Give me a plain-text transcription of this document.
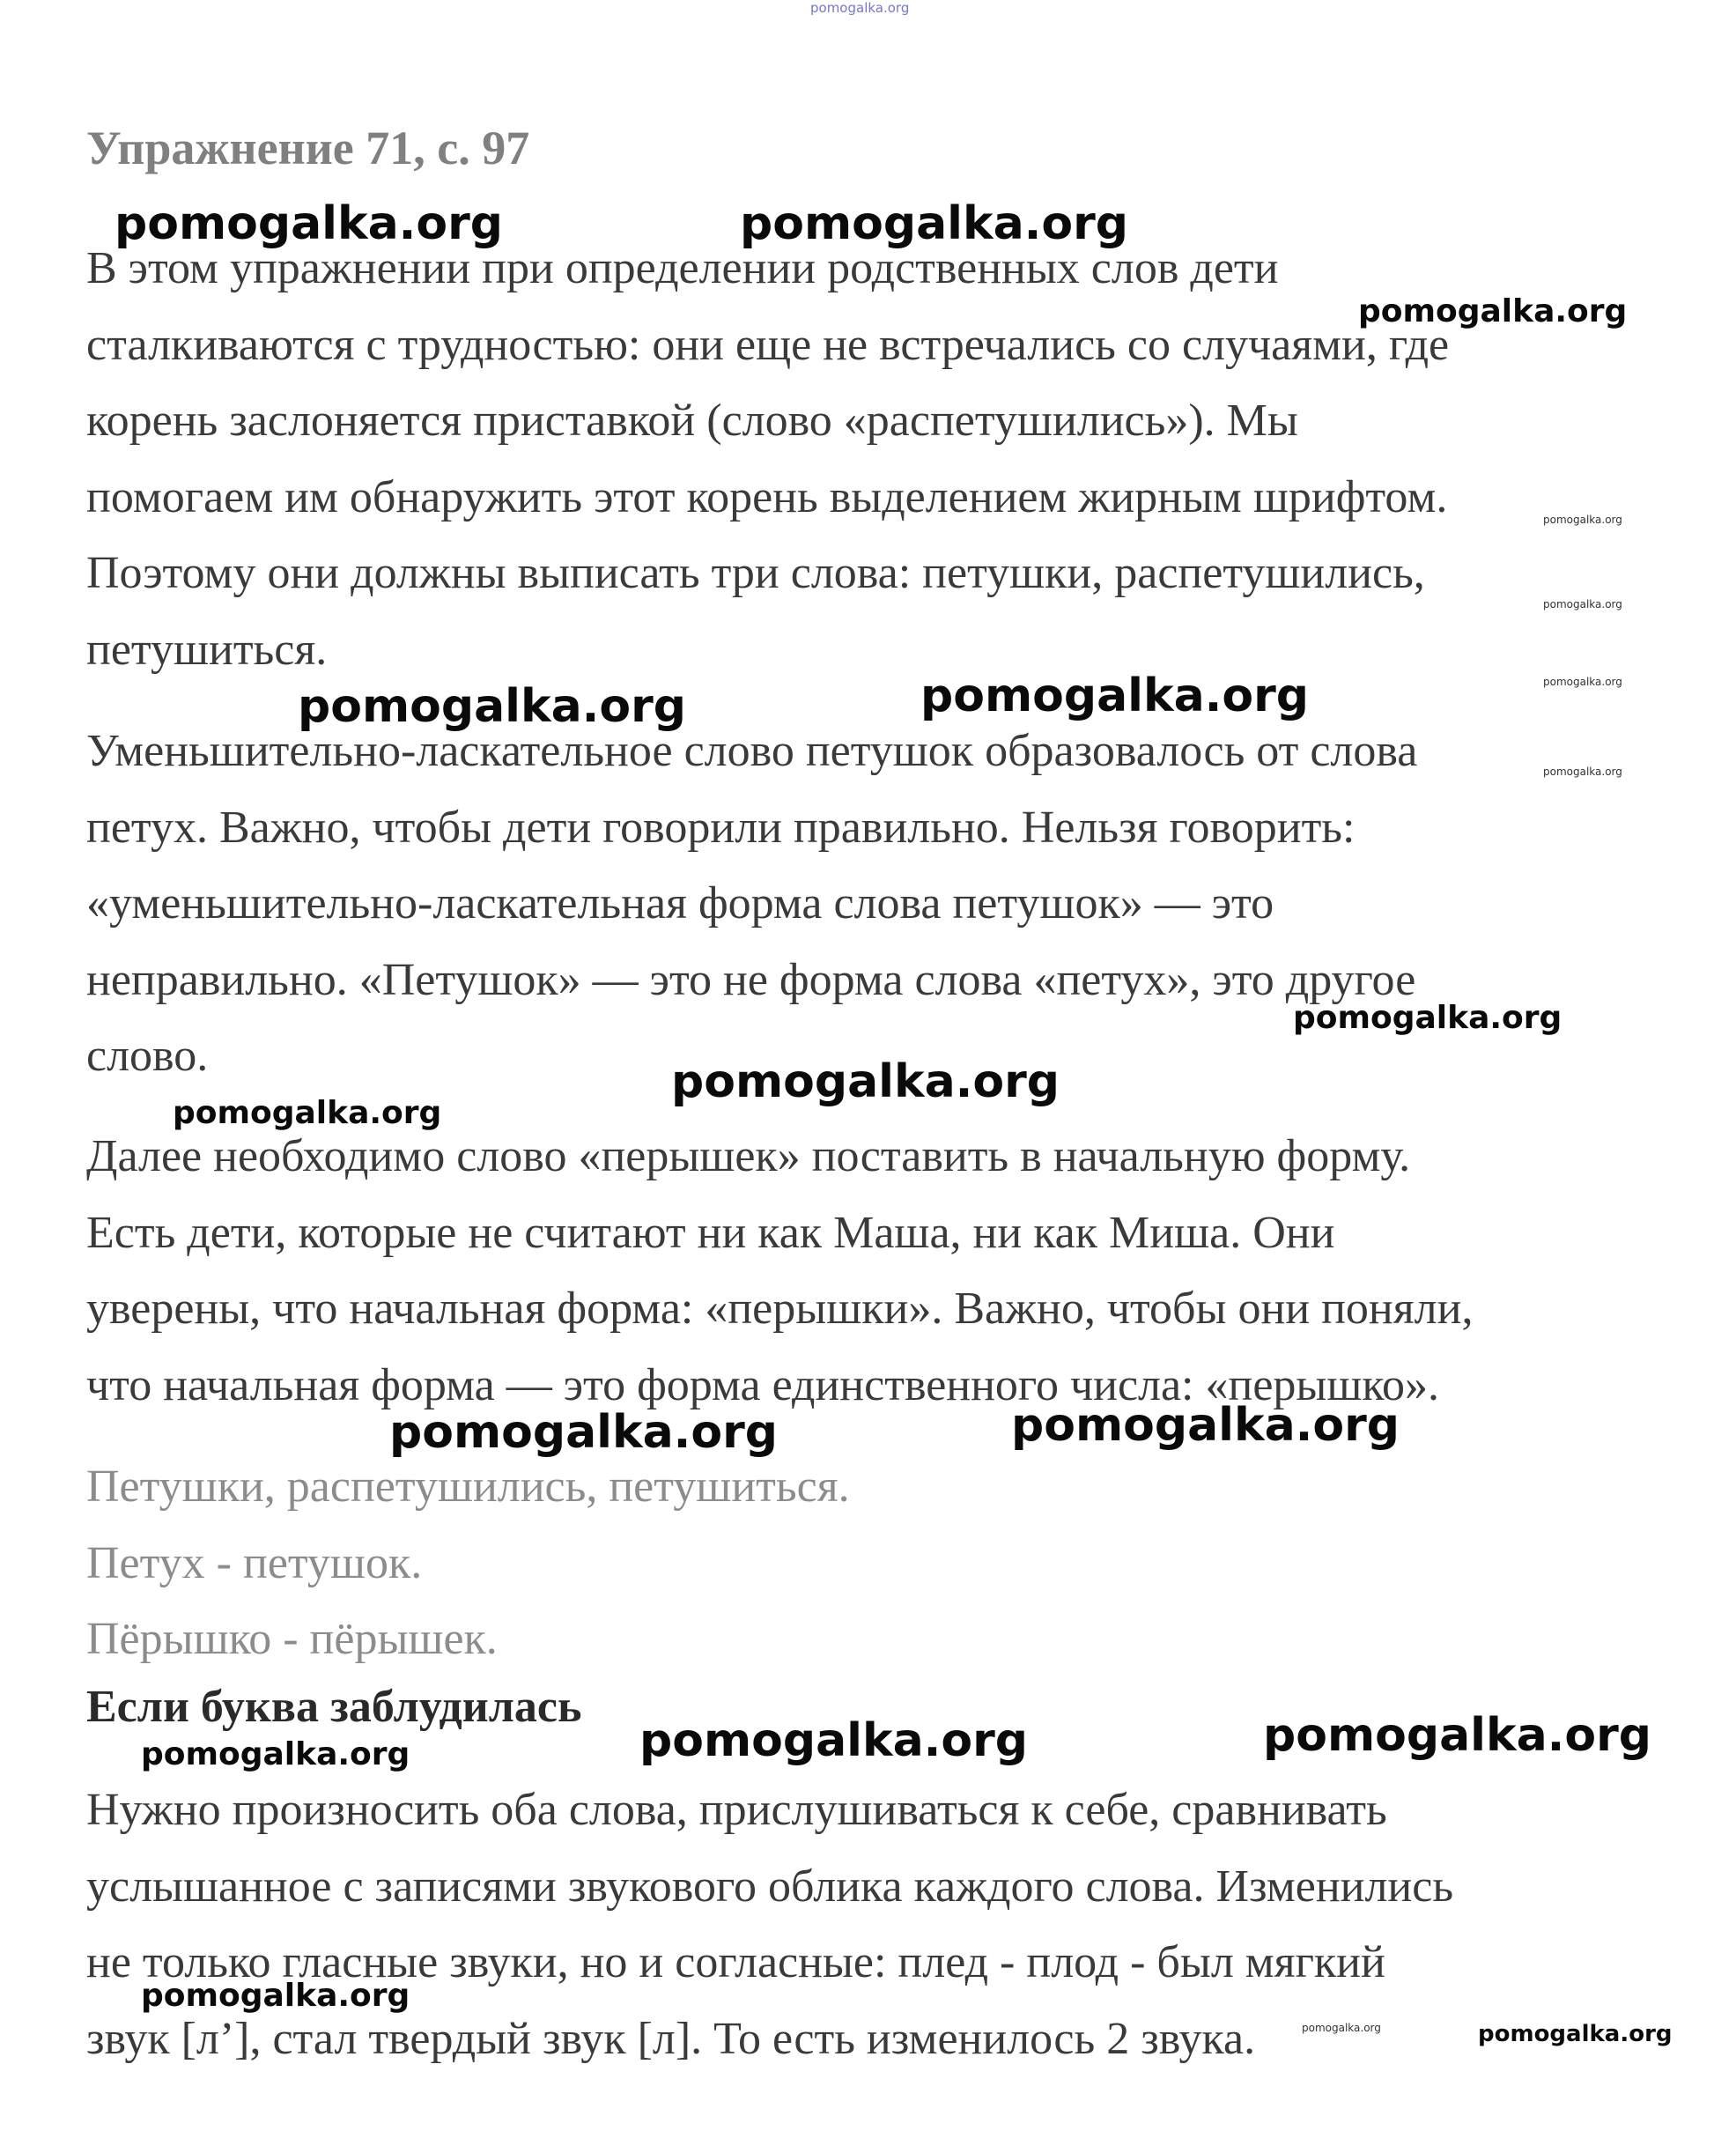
pomogalka.org
Упражнение 71, с. 97

В этом упражнении при определении родственных слов дети
сталкиваются с трудностью: они еще не встречались со случаями, где
корень заслоняется приставкой (слово «распетушились»). Мы
помогаем им обнаружить этот корень выделением жирным шрифтом.
Поэтому они должны выписать три слова: петушки, распетушились,
петушиться.

Уменьшительно-ласкательное слово петушок образовалось от слова
петух. Важно, чтобы дети говорили правильно. Нельзя говорить:
«уменьшительно-ласкательная форма слова петушок» — это
неправильно. «Петушок» — это не форма слова «петух», это другое
слово.

Далее необходимо слово «перышек» поставить в начальную форму.
Есть дети, которые не считают ни как Маша, ни как Миша. Они
уверены, что начальная форма: «перышки». Важно, чтобы они поняли,
что начальная форма — это форма единственного числа: «перышко».

Петушки, распетушились, петушиться.

Петух - петушок.

Пёрышко - пёрышек.

Если буква заблудилась

Нужно произносить оба слова, прислушиваться к себе, сравнивать
услышанное с записями звукового облика каждого слова. Изменились
не только гласные звуки, но и согласные: плед - плод - был мягкий
звук [л’], стал твердый звук [л]. То есть изменилось 2 звука.

pomogalka.org	pomogalka.org
pomogalka.org
pomogalka.org
pomogalka.org
pomogalka.org
pomogalka.org	pomogalka.org
pomogalka.org
pomogalka.org
pomogalka.org
pomogalka.org
pomogalka.org	pomogalka.org
pomogalka.org	pomogalka.org	pomogalka.org
pomogalka.org
pomogalka.org	pomogalka.org
